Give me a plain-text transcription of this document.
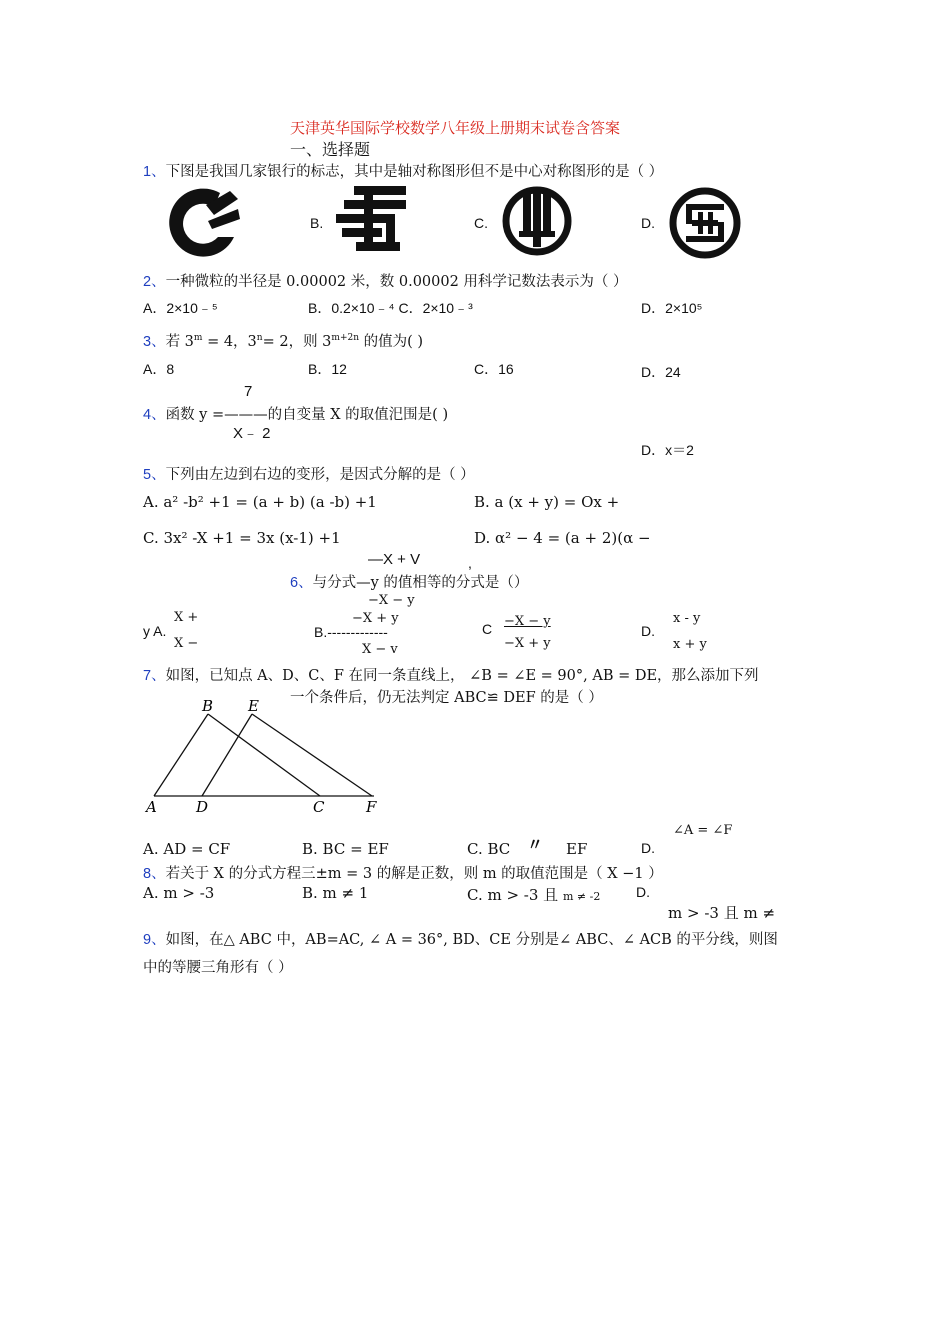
天津英华国际学校数学八年级上册期末试卷含答案
一、选择题
1、下图是我国几家银行的标志，其中是轴对称图形但不是中心对称图形的是（ ）
B.	C.	D.
2、一种微粒的半径是 0.00002 米，数 0.00002 用科学记数法表示为（ ）
A．2×10﹣⁵	B．0.2×10﹣⁴ C．2×10﹣³	D．2×10⁵
3、若 $3^m = 4$，$3^n= 2$，则 $3^{m+2n}$ 的值为( )
A．8	B．12	C．16	D．24
7
4、函数 y =———的自变量 X 的取值汜围是( )
X﹣ 2
D．x＝2
5、下列由左边到右边的变形，是因式分解的是（ ）
A. a² -b² +1 = (a + b) (a -b) +1	B. a (x + y) = Ox +
C. 3x² -X +1 = 3x (x-1) +1	D. α² − 4 = (a + 2)(α −
—X + V	,
6、与分式—y 的值相等的分式是（）
−X − y
X +
y A.
X −
−X + y
B.-------------
X − v
C −X − y
−X + y
D.
x - y
x + y
7、如图，已知点 A、D、C、F 在同一条直线上， ∠B = ∠E = 90°, AB = DE，那么添加下列
一个条件后，仍无法判定 ABC≌ DEF 的是（ ）
B E
A	D	C	F
∠A = ∠F
A. AD = CF	B. BC = EF	C. BC 〃 EF	D.
8、若关于 X 的分式方程三±m = 3 的解是正数，则 m 的取值范围是（ X −1 ）
A. m > -3	B. m ≠ 1	C. m > -3 且 m ≠ -2	D.
m > -3 且 m ≠
9、如图，在△ ABC 中，AB=AC, ∠ A = 36°, BD、CE 分别是∠ ABC、∠ ACB 的平分线，则图
中的等腰三角形有（ ）
